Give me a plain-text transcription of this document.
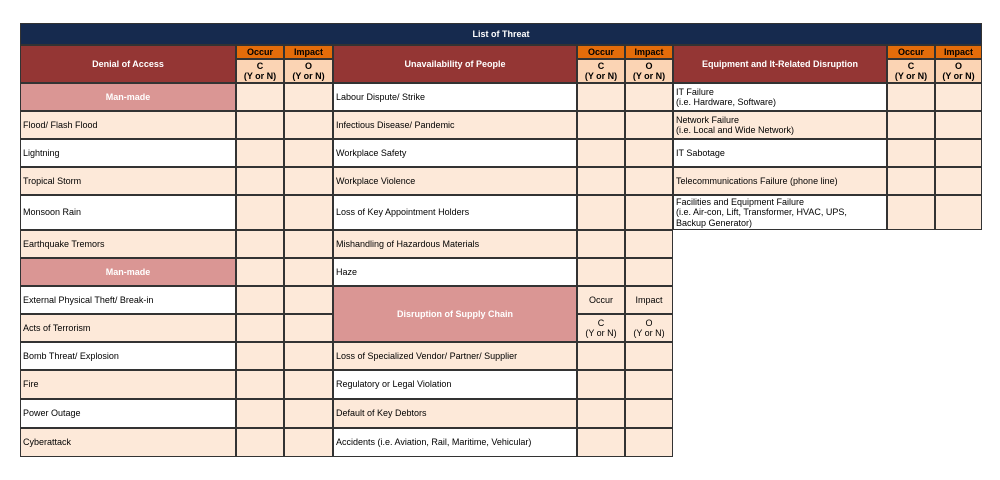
List of Threat
Denial of Access
Occur Impact
C
(Y or N)
O
(Y or N)
Unavailability of People
Occur Impact
C
(Y or N)
O
(Y or N)
Equipment and It-Related Disruption
Occur Impact
C
(Y or N)
O
(Y or N)
Man-made
Flood/ Flash Flood
Lightning
Tropical Storm
Monsoon Rain
Earthquake Tremors
Man-made
External Physical Theft/ Break-in
Acts of Terrorism
Bomb Threat/ Explosion
Fire
Power Outage
Cyberattack
Labour Dispute/ Strike
Infectious Disease/ Pandemic
Workplace Safety
Workplace Violence
Loss of Key Appointment Holders
Mishandling of Hazardous Materials
Haze
Disruption of Supply Chain
Occur Impact
C
(Y or N)
O
(Y or N)
Loss of Specialized Vendor/ Partner/ Supplier
Regulatory or Legal Violation
Default of Key Debtors
Accidents (i.e. Aviation, Rail, Maritime, Vehicular)
IT Failure
(i.e. Hardware, Software)
Network Failure
(i.e. Local and Wide Network)
IT Sabotage
Telecommunications Failure (phone line)
Facilities and Equipment Failure
(i.e. Air-con, Lift, Transformer, HVAC, UPS,
Backup Generator)
